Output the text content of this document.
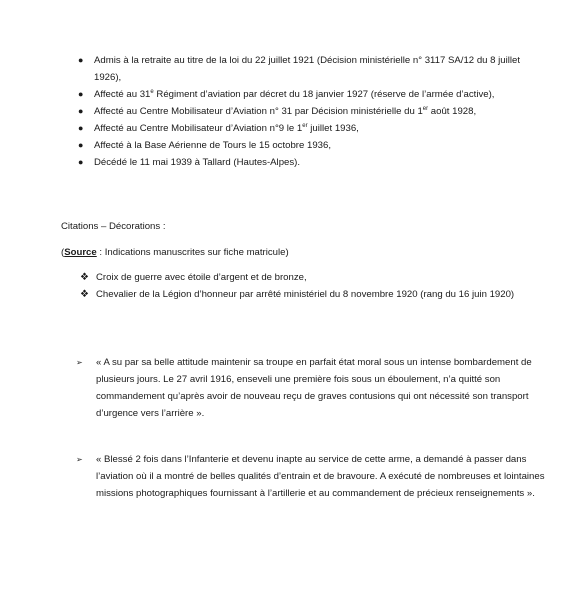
● Admis à la retraite au titre de la loi du 22 juillet 1921 (Décision ministérielle n° 3117 SA/12 du 8 juillet 1926),
● Affecté au 31e Régiment d’aviation par décret du 18 janvier 1927 (réserve de l’armée d’active),
● Affecté au Centre Mobilisateur d’Aviation n° 31 par Décision ministérielle du 1er août 1928,
● Affecté au Centre Mobilisateur d’Aviation n°9 le 1er juillet 1936,
● Affecté à la Base Aérienne de Tours le 15 octobre 1936,
● Décédé le 11 mai 1939 à Tallard (Hautes-Alpes).
Citations – Décorations :
(Source : Indications manuscrites sur fiche matricule)
❖ Croix de guerre avec étoile d’argent et de bronze,
❖ Chevalier de la Légion d’honneur par arrêté ministériel du 8 novembre 1920 (rang du 16 juin 1920)
➢ « A su par sa belle attitude maintenir sa troupe en parfait état moral sous un intense bombardement de plusieurs jours. Le 27 avril 1916, enseveli une première fois sous un éboulement, n’a quitté son commandement qu’après avoir de nouveau reçu de graves contusions qui ont nécessité son transport d’urgence vers l’arrière ».
➢ « Blessé 2 fois dans l’Infanterie et devenu inapte au service de cette arme, a demandé à passer dans l’aviation où il a montré de belles qualités d’entrain et de bravoure. A exécuté de nombreuses et lointaines missions photographiques fournissant à l’artillerie et au commandement de précieux renseignements ».
